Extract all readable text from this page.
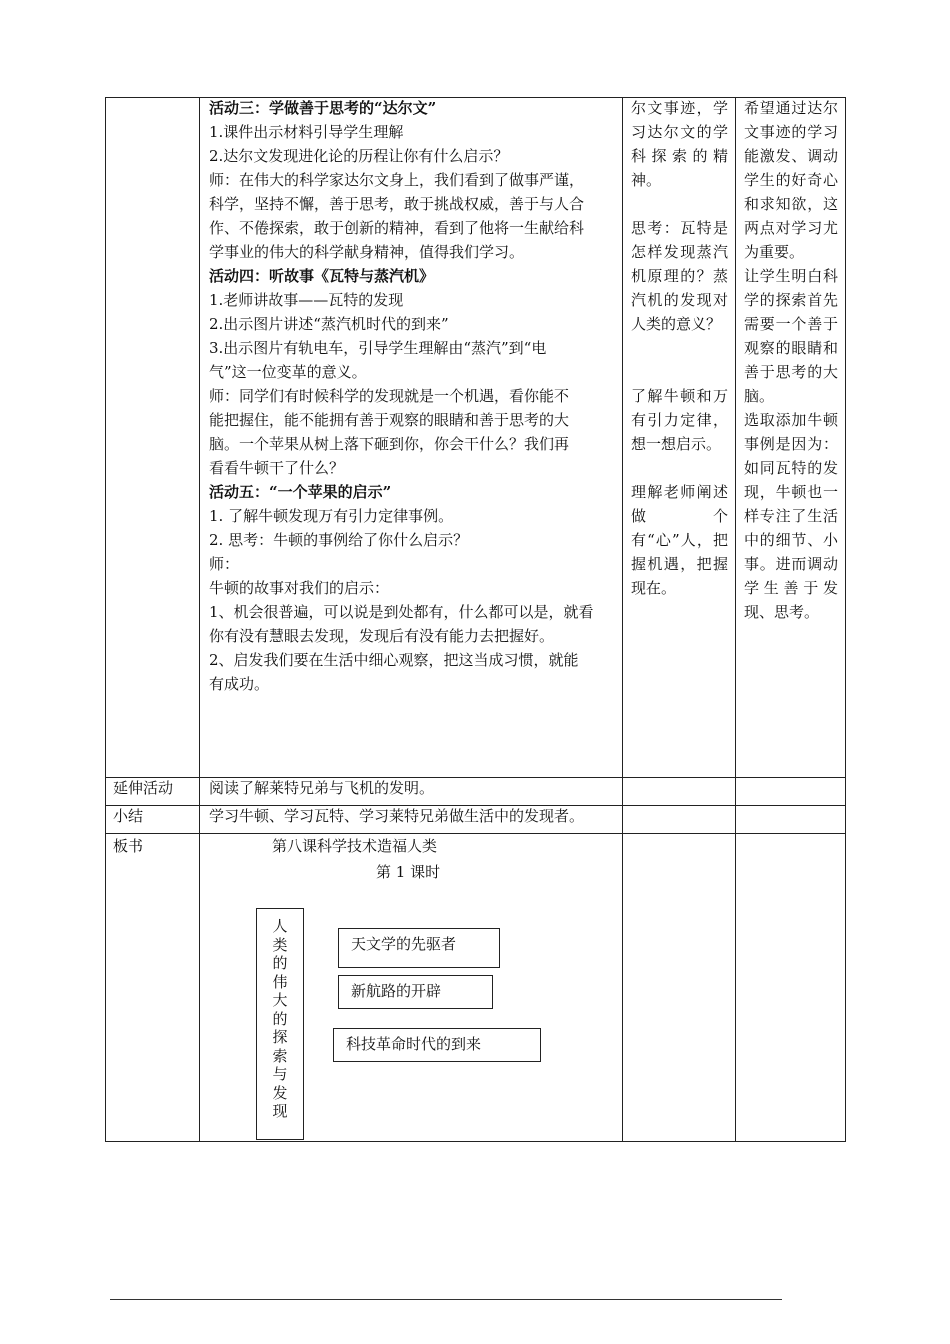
活动三：学做善于思考的“达尔文”

1.课件出示材料引导学生理解

2.达尔文发现进化论的历程让你有什么启示？

师：在伟大的科学家达尔文身上，我们看到了做事严谨，

科学，坚持不懈，善于思考，敢于挑战权威，善于与人合

作、不倦探索，敢于创新的精神，看到了他将一生献给科

学事业的伟大的科学献身精神，值得我们学习。

活动四：听故事《瓦特与蒸汽机》

1.老师讲故事——瓦特的发现

2.出示图片讲述“蒸汽机时代的到来”

3.出示图片有轨电车，引导学生理解由“蒸汽”到“电

气”这一位变革的意义。

师：同学们有时候科学的发现就是一个机遇，看你能不

能把握住，能不能拥有善于观察的眼睛和善于思考的大

脑。一个苹果从树上落下砸到你，你会干什么？我们再

看看牛顿干了什么？

活动五：“一个苹果的启示”

1. 了解牛顿发现万有引力定律事例。

2. 思考：牛顿的事例给了你什么启示？

师：

牛顿的故事对我们的启示：

1、机会很普遍，可以说是到处都有，什么都可以是，就看

你有没有慧眼去发现，发现后有没有能力去把握好。

2、启发我们要在生活中细心观察，把这当成习惯，就能

有成功。

尔文事迹，学习达尔文的学科探索的精神。
思考：瓦特是怎样发现蒸汽机原理的？蒸汽机的发现对人类的意义？
了解牛顿和万有引力定律，想一想启示。
理解老师阐述做个有“心”人，把握机遇，把握现在。
希望通过达尔文事迹的学习能激发、调动学生的好奇心和求知欲，这两点对学习尤为重要。
让学生明白科学的探索首先需要一个善于观察的眼睛和善于思考的大脑。
选取添加牛顿事例是因为：如同瓦特的发现，牛顿也一样专注了生活中的细节、小事。进而调动学生善于发现、思考。
延伸活动 阅读了解莱特兄弟与飞机的发明。
小结	学习牛顿、学习瓦特、学习莱特兄弟做生活中的发现者。
板书	第八课科学技术造福人类
第 1 课时
人类的伟大的探索与发现
天文学的先驱者
新航路的开辟
科技革命时代的到来
